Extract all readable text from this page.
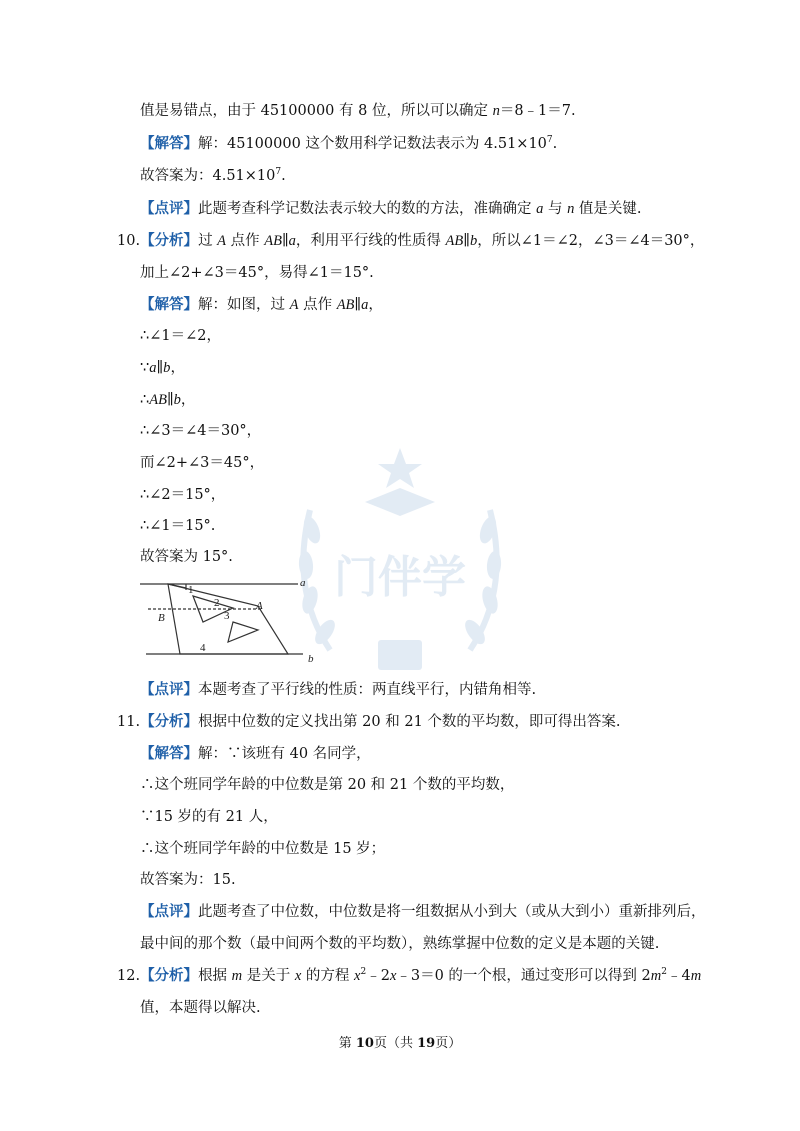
门伴学
值是易错点，由于 45100000 有 8 位，所以可以确定 n＝8﹣1＝7.
【解答】解：45100000 这个数用科学记数法表示为 $4.51\times 10^7$.
故答案为：$4.51\times 10^7$.
【点评】此题考查科学记数法表示较大的数的方法，准确确定 a 与 n 值是关键.
10.【分析】过 A 点作 AB∥a，利用平行线的性质得 AB∥b，所以∠1＝∠2，∠3＝∠4＝30°，
加上∠2+∠3＝45°，易得∠1＝15°.
【解答】解：如图，过 A 点作 AB∥a，
∴∠1＝∠2，
∵a∥b，
∴AB∥b，
∴∠3＝∠4＝30°，
而∠2+∠3＝45°，
∴∠2＝15°，
∴∠1＝15°.
故答案为 15°.
a
b
A
B
1
2
3
4
【点评】本题考查了平行线的性质：两直线平行，内错角相等.
11.【分析】根据中位数的定义找出第 20 和 21 个数的平均数，即可得出答案.
【解答】解：∵该班有 40 名同学，
∴这个班同学年龄的中位数是第 20 和 21 个数的平均数，
∵15 岁的有 21 人，
∴这个班同学年龄的中位数是 15 岁；
故答案为：15.
【点评】此题考查了中位数，中位数是将一组数据从小到大（或从大到小）重新排列后，
最中间的那个数（最中间两个数的平均数），熟练掌握中位数的定义是本题的关键.
12.【分析】根据 m 是关于 x 的方程 $x^2﹣2x﹣3=0$ 的一个根，通过变形可以得到 $2m^2﹣4m$
值，本题得以解决.
第 10页（共 19页）
